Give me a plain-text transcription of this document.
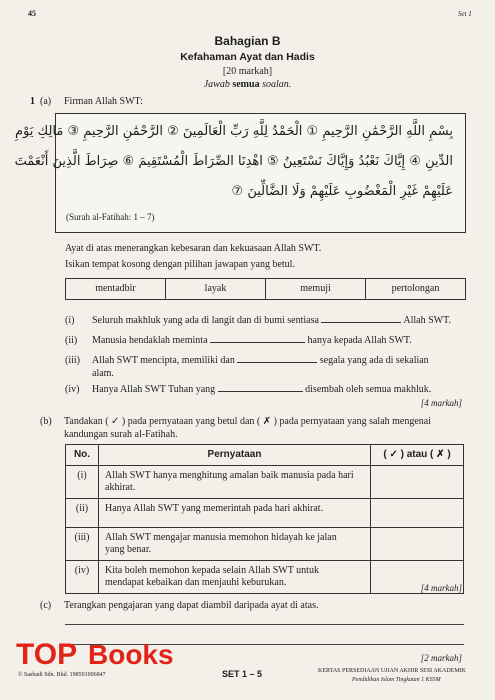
45	Set 1
Bahagian B
Kefahaman Ayat dan Hadis
[20 markah]
Jawab semua soalan.
1 (a) Firman Allah SWT:
بِسْمِ اللَّهِ الرَّحْمَٰنِ الرَّحِيمِ ① الْحَمْدُ لِلَّهِ رَبِّ الْعَالَمِينَ ② الرَّحْمَٰنِ الرَّحِيمِ ③ مَالِكِ يَوْمِ
الدِّينِ ④ إِيَّاكَ نَعْبُدُ وَإِيَّاكَ نَسْتَعِينُ ⑤ اهْدِنَا الصِّرَاطَ الْمُسْتَقِيمَ ⑥ صِرَاطَ الَّذِينَ أَنْعَمْتَ
عَلَيْهِمْ غَيْرِ الْمَغْضُوبِ عَلَيْهِمْ وَلَا الضَّالِّينَ ⑦
(Surah al-Fatihah: 1 – 7)
Ayat di atas menerangkan kebesaran dan kekuasaan Allah SWT.
Isikan tempat kosong dengan pilihan jawapan yang betul.
mentadbir	layak	memuji	pertolongan
(i) Seluruh makhluk yang ada di langit dan di bumi sentiasa	Allah SWT.
(ii) Manusia hendaklah meminta	hanya kepada Allah SWT.
(iii) Allah SWT mencipta, memiliki dan	segala yang ada di sekalian
alam.
(iv) Hanya Allah SWT Tuhan yang	disembah oleh semua makhluk.
[4 markah]
(b) Tandakan ( ✓ ) pada pernyataan yang betul dan ( ✗ ) pada pernyataan yang salah mengenai
kandungan surah al-Fatihah.
No.	Pernyataan	( ✓ ) atau ( ✗ )
(i)	Allah SWT hanya menghitung amalan baik manusia pada hari
akhirat.	
(ii)	Hanya Allah SWT yang memerintah pada hari akhirat.	
(iii)	Allah SWT mengajar manusia memohon hidayah ke jalan
yang benar.	
(iv)	Kita boleh memohon kepada selain Allah SWT untuk
mendapat kebaikan dan menjauhi keburukan.		[4 markah]
(c) Terangkan pengajaran yang dapat diambil daripada ayat di atas.
[2 markah]
TOP Books
© Sasbadi Sdn. Bhd. 198501006847	SET 1 – 5	KERTAS PERSEDIAAN UJIAN AKHIR SESI AKADEMIK
Pendidikan Islam Tingkatan 1 KSSM
